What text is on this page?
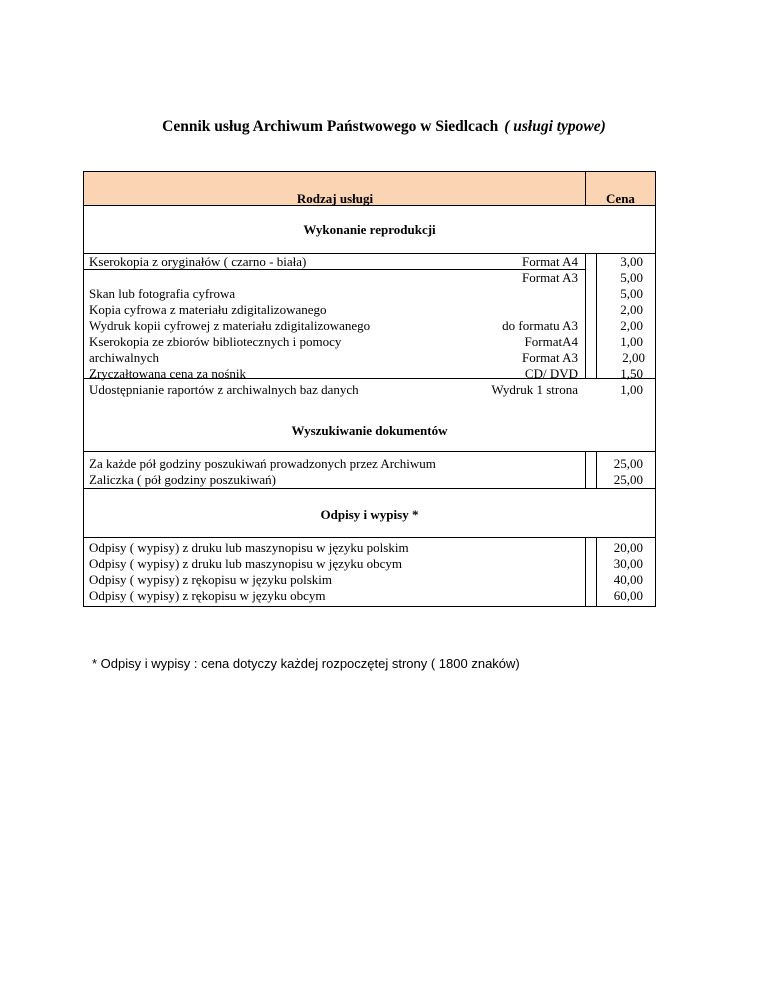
Cennik usług Archiwum Państwowego w Siedlcach ( usługi typowe)
Rodzaj usługi	Cena
Wykonanie reprodukcji
Wyszukiwanie dokumentów
Odpisy i wypisy *
Kserokopia z oryginałów ( czarno - biała)
Skan lub fotografia cyfrowa
Kopia cyfrowa z materiału zdigitalizowanego
Wydruk kopii cyfrowej z materiału zdigitalizowanego
Kserokopia ze zbiorów bibliotecznych i pomocy
archiwalnych
Zryczałtowana cena za nośnik
Udostępnianie raportów z archiwalnych baz danych
Format A4
Format A3
do formatu A3
FormatA4
Format A3
CD/ DVD
Wydruk 1 strona
3,00
5,00
5,00
2,00
2,00
1,00
2,00
1,50
1,00
Za każde pół godziny poszukiwań prowadzonych przez Archiwum
Zaliczka ( pół godziny poszukiwań)
25,00
25,00
Odpisy ( wypisy) z druku lub maszynopisu w języku polskim
Odpisy ( wypisy) z druku lub maszynopisu w języku obcym
Odpisy ( wypisy) z rękopisu w języku polskim
Odpisy ( wypisy) z rękopisu w języku obcym
20,00
30,00
40,00
60,00
* Odpisy i wypisy : cena dotyczy każdej rozpoczętej strony ( 1800 znaków)
